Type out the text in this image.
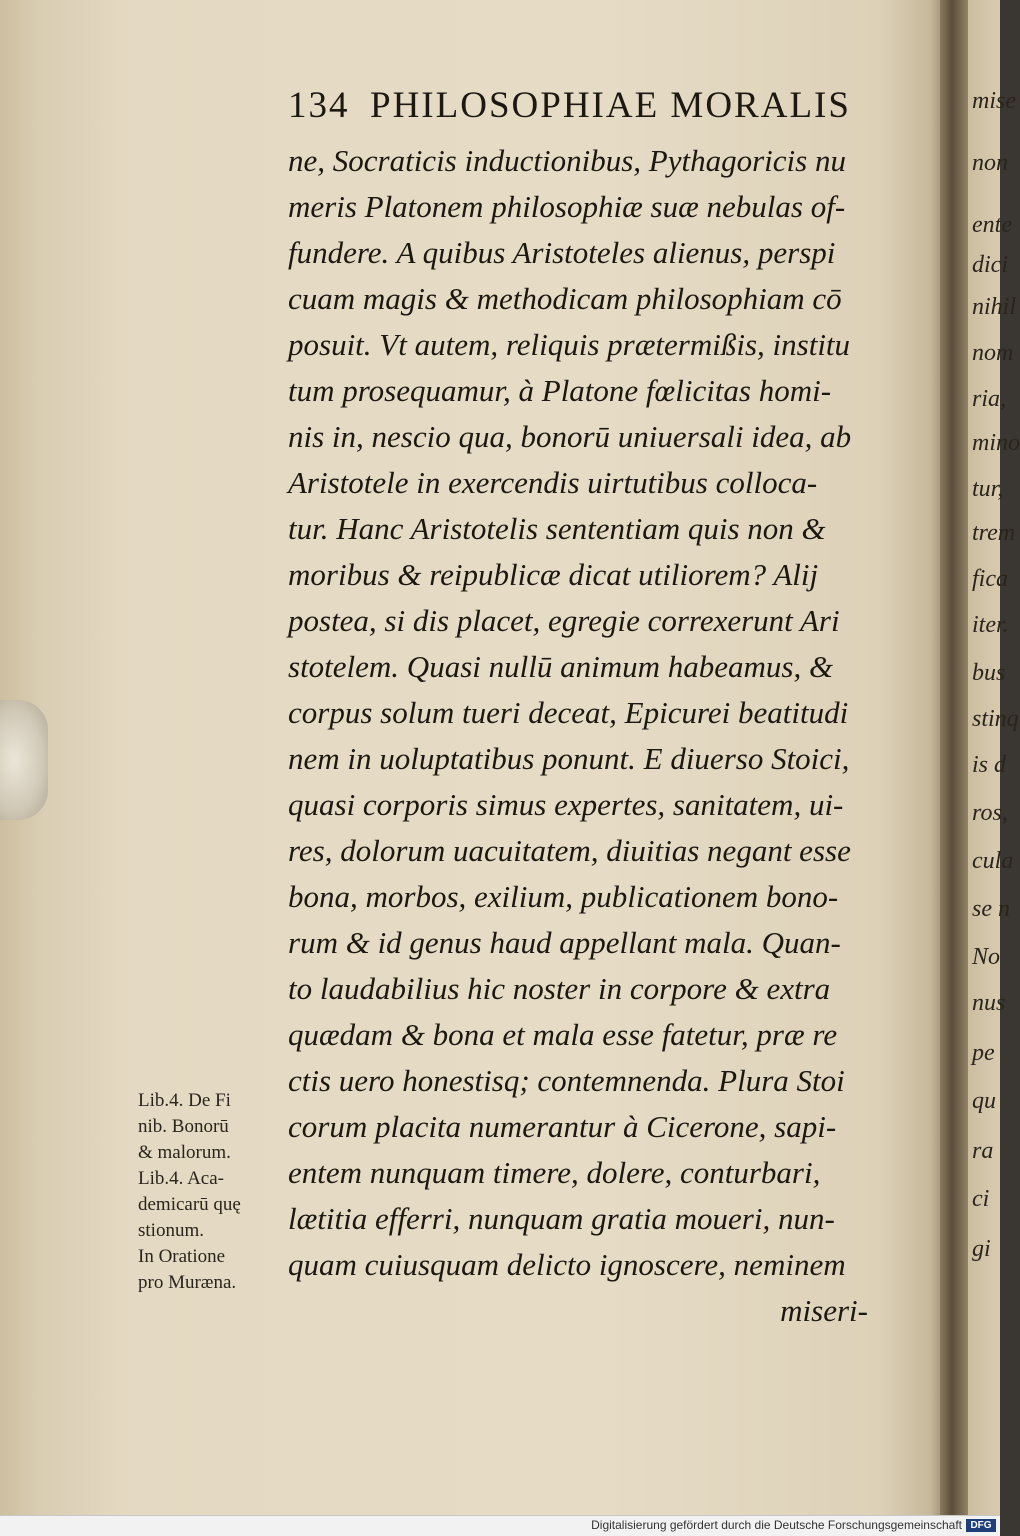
134 PHILOSOPHIAE MORALIS
ne, Socraticis inductionibus, Pythagoricis nu
meris Platonem philosophiæ suæ nebulas of-
fundere. A quibus Aristoteles alienus, perspi
cuam magis & methodicam philosophiam cō
posuit. Vt autem, reliquis prætermißis, institu
tum prosequamur, à Platone fœlicitas homi-
nis in, nescio qua, bonorū uniuersali idea, ab
Aristotele in exercendis uirtutibus colloca-
tur. Hanc Aristotelis sententiam quis non &
moribus & reipublicæ dicat utiliorem? Alij
postea, si dis placet, egregie correxerunt Ari
stotelem. Quasi nullū animum habeamus, &
corpus solum tueri deceat, Epicurei beatitudi
nem in uoluptatibus ponunt. E diuerso Stoici,
quasi corporis simus expertes, sanitatem, ui-
res, dolorum uacuitatem, diuitias negant esse
bona, morbos, exilium, publicationem bono-
rum & id genus haud appellant mala. Quan-
to laudabilius hic noster in corpore & extra
quædam & bona et mala esse fatetur, præ re
ctis uero honestisq; contemnenda. Plura Stoi
corum placita numerantur à Cicerone, sapi-
entem nunquam timere, dolere, conturbari,
lætitia efferri, nunquam gratia moueri, nun-
quam cuiusquam delicto ignoscere, neminem
miseri-
Lib.4. De Fi
nib. Bonorū
& malorum.
Lib.4. Aca-
demicarū quę
stionum.
In Oratione
pro Muræna.
mise
non
ente
dici
nihil
nom
ria,
mino
tur,
trem
fica
iter.
bus
stinq
is d
ros,
cula
se n
No
nus
pe
qu
ra
ci
gi
Digitalisierung gefördert durch die Deutsche Forschungsgemeinschaft DFG
